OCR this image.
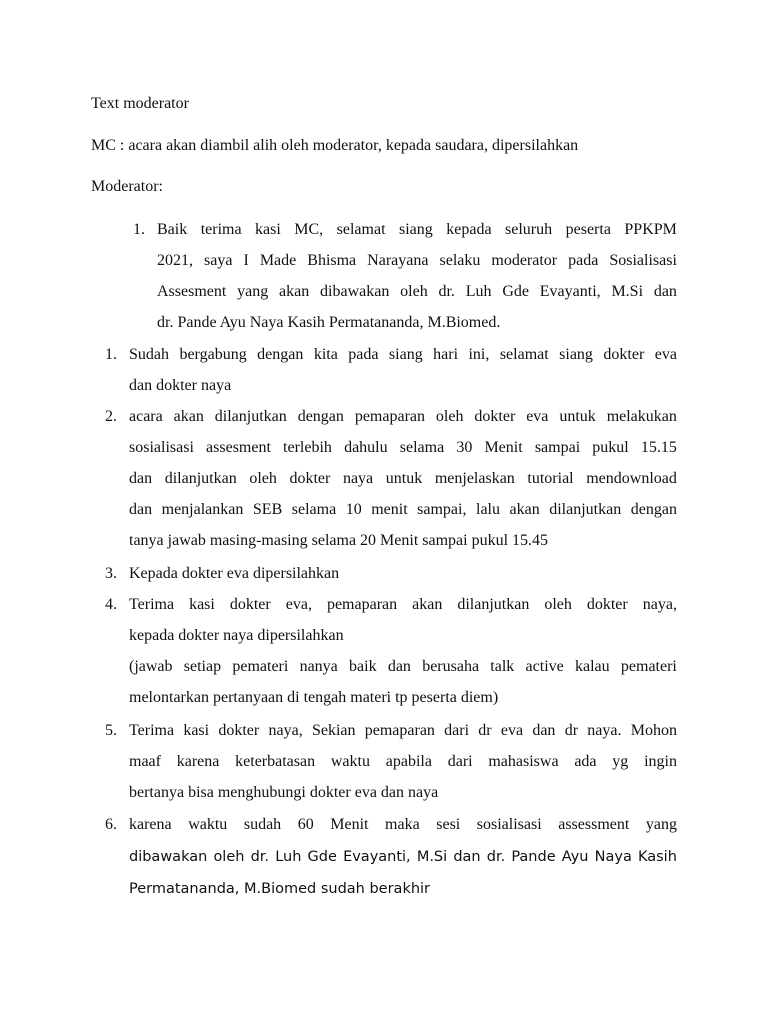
Text moderator
MC : acara akan diambil alih oleh moderator, kepada saudara, dipersilahkan
Moderator:
1. Baik terima kasi MC, selamat siang kepada seluruh peserta PPKPM
2021, saya I Made Bhisma Narayana selaku moderator pada Sosialisasi
Assesment yang akan dibawakan oleh dr. Luh Gde Evayanti, M.Si dan
dr. Pande Ayu Naya Kasih Permatananda, M.Biomed.
1. Sudah bergabung dengan kita pada siang hari ini, selamat siang dokter eva
dan dokter naya
2. acara akan dilanjutkan dengan pemaparan oleh dokter eva untuk melakukan
sosialisasi assesment terlebih dahulu selama 30 Menit sampai pukul 15.15
dan dilanjutkan oleh dokter naya untuk menjelaskan tutorial mendownload
dan menjalankan SEB selama 10 menit sampai, lalu akan dilanjutkan dengan
tanya jawab masing-masing selama 20 Menit sampai pukul 15.45
3. Kepada dokter eva dipersilahkan
4. Terima kasi dokter eva, pemaparan akan dilanjutkan oleh dokter naya,
kepada dokter naya dipersilahkan
(jawab setiap pemateri nanya baik dan berusaha talk active kalau pemateri
melontarkan pertanyaan di tengah materi tp peserta diem)
5. Terima kasi dokter naya, Sekian pemaparan dari dr eva dan dr naya. Mohon
maaf karena keterbatasan waktu apabila dari mahasiswa ada yg ingin
bertanya bisa menghubungi dokter eva dan naya
6. karena waktu sudah 60 Menit maka sesi sosialisasi assessment yang
dibawakan oleh dr. Luh Gde Evayanti, M.Si dan dr. Pande Ayu Naya Kasih
Permatananda, M.Biomed sudah berakhir
